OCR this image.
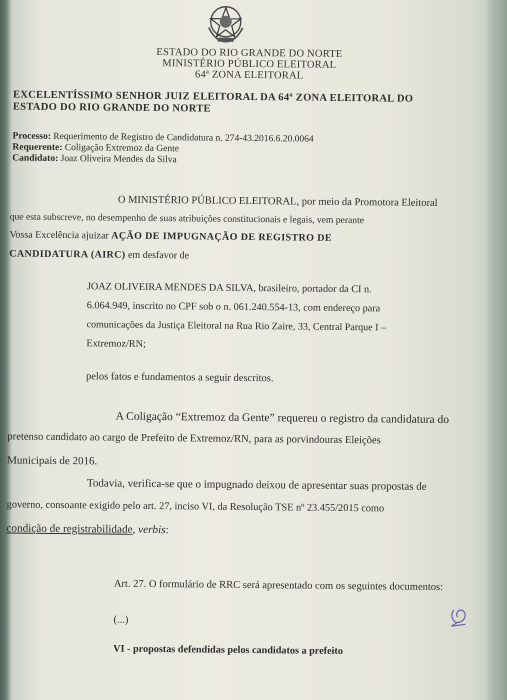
ESTADO DO RIO GRANDE DO NORTE
MINISTÉRIO PÚBLICO ELEITORAL
64ª ZONA ELEITORAL
EXCELENTÍSSIMO SENHOR JUIZ ELEITORAL DA 64ª ZONA ELEITORAL DO
ESTADO DO RIO GRANDE DO NORTE
Processo: Requerimento de Registro de Candidatura n. 274-43.2016.6.20.0064
Requerente: Coligação Extremoz da Gente
Candidato: Joaz Oliveira Mendes da Silva
O MINISTÉRIO PÚBLICO ELEITORAL, por meio da Promotora Eleitoral
que esta subscreve, no desempenho de suas atribuições constitucionais e legais, vem perante
Vossa Excelência ajuizar AÇÃO DE IMPUGNAÇÃO DE REGISTRO DE
CANDIDATURA (AIRC) em desfavor de
JOAZ OLIVEIRA MENDES DA SILVA, brasileiro, portador da CI n.
6.064.949, inscrito no CPF sob o n. 061.240.554-13, com endereço para
comunicações da Justiça Eleitoral na Rua Rio Zaire, 33, Central Parque I –
Extremoz/RN;
pelos fatos e fundamentos a seguir descritos.
A Coligação “Extremoz da Gente” requereu o registro da candidatura do
pretenso candidato ao cargo de Prefeito de Extremoz/RN, para as porvindouras Eleições
Municipais de 2016.
Todavia, verifica-se que o impugnado deixou de apresentar suas propostas de
governo, consoante exigido pelo art. 27, inciso VI, da Resolução TSE nº 23.455/2015 como
condição de registrabilidade, verbis:
Art. 27. O formulário de RRC será apresentado com os seguintes documentos:
(...)
VI - propostas defendidas pelos candidatos a prefeito
